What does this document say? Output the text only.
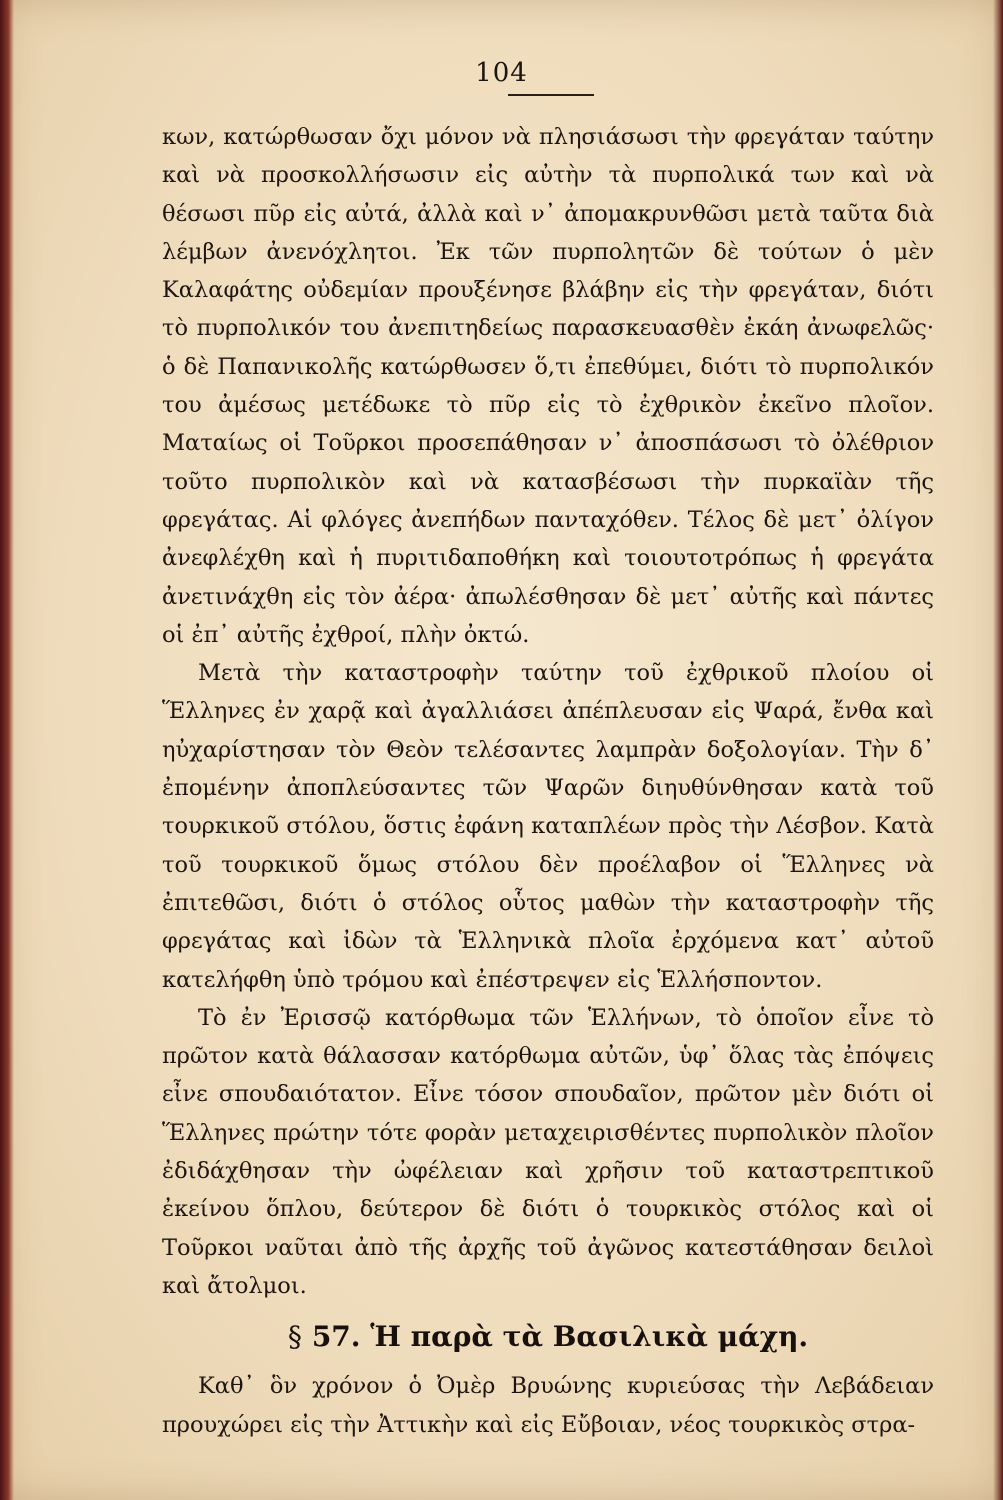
104

κων, κατώρθωσαν ὄχι μόνον νὰ πλησιάσωσι τὴν φρεγάταν ταύτην καὶ νὰ προσκολλήσωσιν εἰς αὐτὴν τὰ πυρπολικά των καὶ νὰ θέσωσι πῦρ εἰς αὐτά, ἀλλὰ καὶ ν᾿ ἀπομακρυνθῶσι μετὰ ταῦτα διὰ λέμβων ἀνενόχλητοι. Ἐκ τῶν πυρπολητῶν δὲ τούτων ὁ μὲν Καλαφάτης οὐδεμίαν προυξένησε βλάβην εἰς τὴν φρεγάταν, διότι τὸ πυρπολικόν του ἀνεπιτηδείως παρασκευασθὲν ἐκάη ἀνωφελῶς· ὁ δὲ Παπανικολῆς κατώρθωσεν ὅ,τι ἐπεθύμει, διότι τὸ πυρπολικόν του ἀμέσως μετέδωκε τὸ πῦρ εἰς τὸ ἐχθρικὸν ἐκεῖνο πλοῖον. Ματαίως οἱ Τοῦρκοι προσεπάθησαν ν᾿ ἀποσπάσωσι τὸ ὀλέθριον τοῦτο πυρπολικὸν καὶ νὰ κατασβέσωσι τὴν πυρκαϊὰν τῆς φρεγάτας. Αἱ φλόγες ἀνεπήδων πανταχόθεν. Τέλος δὲ μετ᾿ ὀλίγον ἀνεφλέχθη καὶ ἡ πυριτιδαποθήκη καὶ τοιουτοτρόπως ἡ φρεγάτα ἀνετινάχθη εἰς τὸν ἀέρα· ἀπωλέσθησαν δὲ μετ᾿ αὐτῆς καὶ πάντες οἱ ἐπ᾿ αὐτῆς ἐχθροί, πλὴν ὀκτώ.

Μετὰ τὴν καταστροφὴν ταύτην τοῦ ἐχθρικοῦ πλοίου οἱ Ἕλληνες ἐν χαρᾷ καὶ ἀγαλλιάσει ἀπέπλευσαν εἰς Ψαρά, ἔνθα καὶ ηὐχαρίστησαν τὸν Θεὸν τελέσαντες λαμπρὰν δοξολογίαν. Τὴν δ᾿ ἐπομένην ἀποπλεύσαντες τῶν Ψαρῶν διηυθύνθησαν κατὰ τοῦ τουρκικοῦ στόλου, ὅστις ἐφάνη καταπλέων πρὸς τὴν Λέσβον. Κατὰ τοῦ τουρκικοῦ ὅμως στόλου δὲν προέλαβον οἱ Ἕλληνες νὰ ἐπιτεθῶσι, διότι ὁ στόλος οὗτος μαθὼν τὴν καταστροφὴν τῆς φρεγάτας καὶ ἰδὼν τὰ Ἑλληνικὰ πλοῖα ἐρχόμενα κατ᾿ αὐτοῦ κατελήφθη ὑπὸ τρόμου καὶ ἐπέστρεψεν εἰς Ἑλλήσποντον.

Τὸ ἐν Ἐρισσῷ κατόρθωμα τῶν Ἑλλήνων, τὸ ὁποῖον εἶνε τὸ πρῶτον κατὰ θάλασσαν κατόρθωμα αὐτῶν, ὑφ᾿ ὅλας τὰς ἐπόψεις εἶνε σπουδαιότατον. Εἶνε τόσον σπουδαῖον, πρῶτον μὲν διότι οἱ Ἕλληνες πρώτην τότε φορὰν μεταχειρισθέντες πυρπολικὸν πλοῖον ἐδιδάχθησαν τὴν ὠφέλειαν καὶ χρῆσιν τοῦ καταστρεπτικοῦ ἐκείνου ὅπλου, δεύτερον δὲ διότι ὁ τουρκικὸς στόλος καὶ οἱ Τοῦρκοι ναῦται ἀπὸ τῆς ἀρχῆς τοῦ ἀγῶνος κατεστάθησαν δειλοὶ καὶ ἄτολμοι.

§ 57. Ἡ παρὰ τὰ Βασιλικὰ μάχη.

Καθ᾿ ὃν χρόνον ὁ Ὀμὲρ Βρυώνης κυριεύσας τὴν Λεβάδειαν προυχώρει εἰς τὴν Ἀττικὴν καὶ εἰς Εὔβοιαν, νέος τουρκικὸς στρα-
